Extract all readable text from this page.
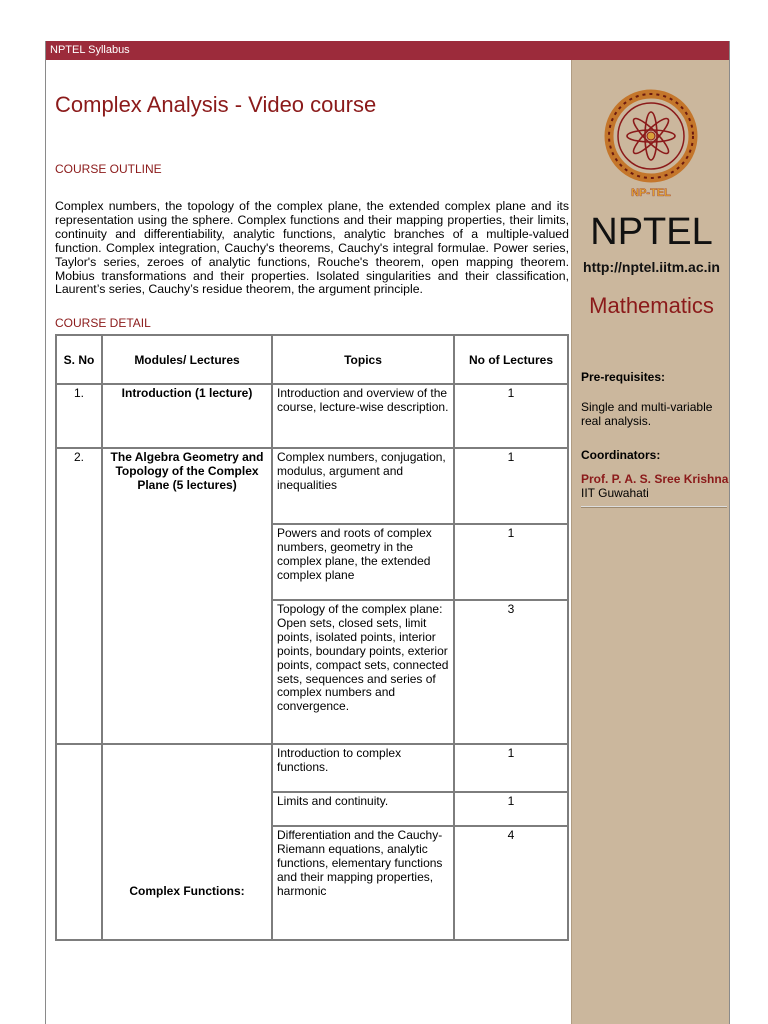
NPTEL Syllabus
Complex Analysis - Video course

COURSE OUTLINE

Complex numbers, the topology of the complex plane, the extended complex plane and its representation using the sphere. Complex functions and their mapping properties, their limits, continuity and differentiability, analytic functions, analytic branches of a multiple-valued function. Complex integration, Cauchy's theorems, Cauchy's integral formulae. Power series, Taylor's series, zeroes of analytic functions, Rouche's theorem, open mapping theorem. Mobius transformations and their properties. Isolated singularities and their classification, Laurent’s series, Cauchy’s residue theorem, the argument principle.

COURSE DETAIL

S. No	Modules/ Lectures	Topics	No of Lectures
1.	Introduction (1 lecture)	Introduction and overview of the course, lecture-wise description.	1
2.	The Algebra Geometry and Topology of the Complex Plane (5 lectures)	Complex numbers, conjugation, modulus, argument and inequalities	1
		Powers and roots of complex numbers, geometry in the complex plane, the extended complex plane	1
		Topology of the complex plane: Open sets, closed sets, limit points, isolated points, interior points, boundary points, exterior points, compact sets, connected sets, sequences and series of complex numbers and convergence.	3
	Complex Functions:	Introduction to complex functions.	1
		Limits and continuity.	1
		Differentiation and the Cauchy-Riemann equations, analytic functions, elementary functions and their mapping properties, harmonic	4
NP-TEL
NPTEL
http://nptel.iitm.ac.in
Mathematics

Pre-requisites:

Single and multi-variable real analysis.

Coordinators:

Prof. P. A. S. Sree Krishna

IIT Guwahati
